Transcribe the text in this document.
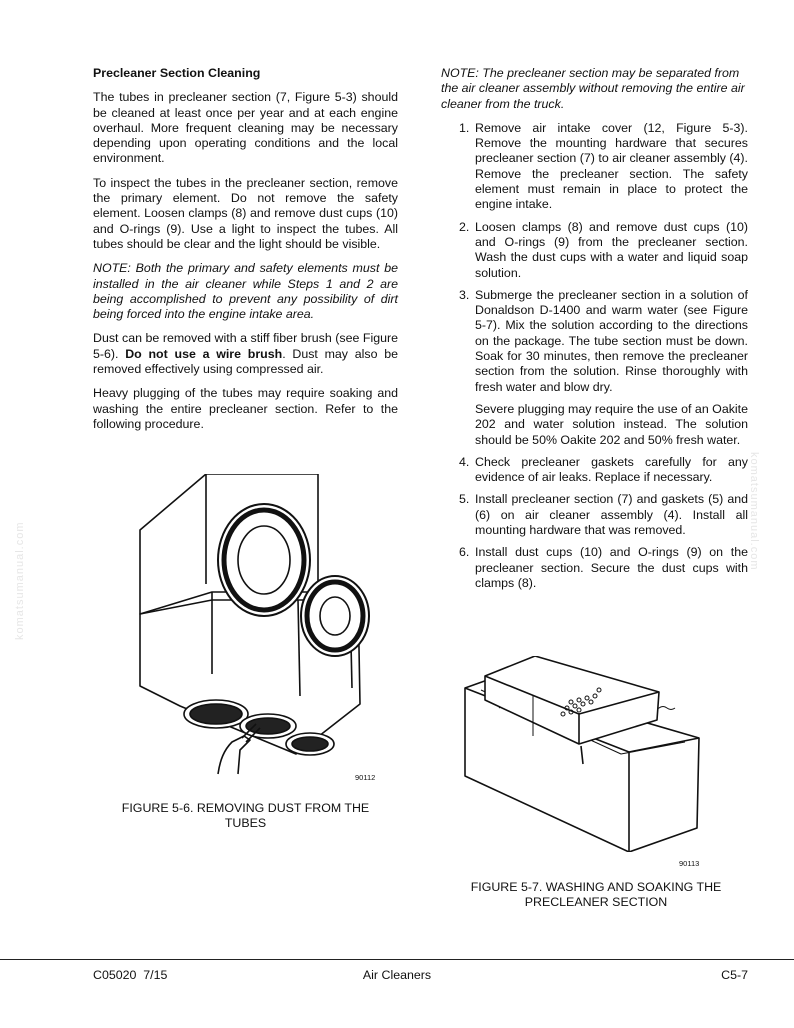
Precleaner Section Cleaning

The tubes in precleaner section (7, Figure 5-3) should be cleaned at least once per year and at each engine overhaul. More frequent cleaning may be necessary depending upon operating conditions and the local environment.

To inspect the tubes in the precleaner section, remove the primary element. Do not remove the safety element. Loosen clamps (8) and remove dust cups (10) and O-rings (9). Use a light to inspect the tubes. All tubes should be clear and the light should be visible.

NOTE: Both the primary and safety elements must be installed in the air cleaner while Steps 1 and 2 are being accomplished to prevent any possibility of dirt being forced into the engine intake area.

Dust can be removed with a stiff fiber brush (see Figure 5-6). Do not use a wire brush. Dust may also be removed effectively using compressed air.

Heavy plugging of the tubes may require soaking and washing the entire precleaner section. Refer to the following procedure.

NOTE: The precleaner section may be separated from the air cleaner assembly without removing the entire air cleaner from the truck.

1. Remove air intake cover (12, Figure 5-3). Remove the mounting hardware that secures precleaner section (7) to air cleaner assembly (4). Remove the precleaner section. The safety element must remain in place to protect the engine intake.
2. Loosen clamps (8) and remove dust cups (10) and O-rings (9) from the precleaner section. Wash the dust cups with a water and liquid soap solution.
3. Submerge the precleaner section in a solution of Donaldson D-1400 and warm water (see Figure 5-7). Mix the solution according to the directions on the package. The tube section must be down. Soak for 30 minutes, then remove the precleaner section from the solution. Rinse thoroughly with fresh water and blow dry.
Severe plugging may require the use of an Oakite 202 and water solution instead. The solution should be 50% Oakite 202 and 50% fresh water.
4. Check precleaner gaskets carefully for any evidence of air leaks. Replace if necessary.
5. Install precleaner section (7) and gaskets (5) and (6) on air cleaner assembly (4). Install all mounting hardware that was removed.
6. Install dust cups (10) and O-rings (9) on the precleaner section. Secure the dust cups with clamps (8).
90112
FIGURE 5-6. REMOVING DUST FROM THE
TUBES
90113
FIGURE 5-7. WASHING AND SOAKING THE
PRECLEANER SECTION
komatsumanual.com
komatsumanual.com
C05020  7/15	Air Cleaners	C5-7
